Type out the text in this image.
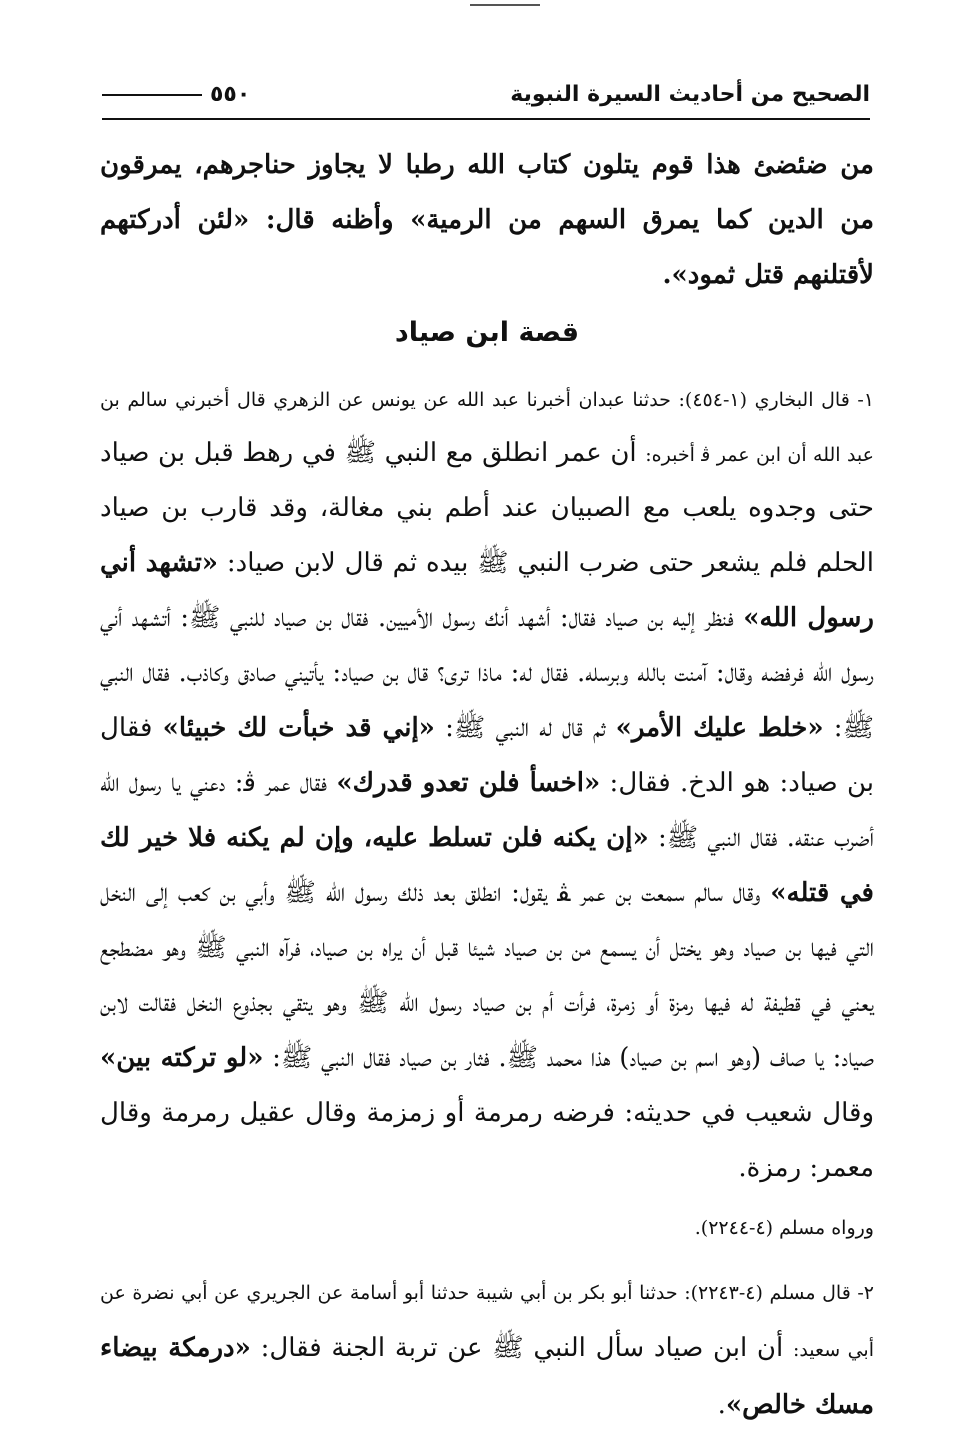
الصحيح من أحاديث السيرة النبوية
٥٥٠

من ضئضئ هذا قوم يتلون كتاب الله رطبا لا يجاوز حناجرهم، يمرقون من الدين كما يمرق السهم من الرمية» وأظنه قال: «لئن أدركتهم لأقتلنهم قتل ثمود».

قصة ابن صياد

١- قال البخاري (١-٤٥٤): حدثنا عبدان أخبرنا عبد الله عن يونس عن الزهري قال أخبرني سالم بن عبد الله أن ابن عمر ﭬ أخبره: أن عمر انطلق مع النبي ﷺ في رهط قبل بن صياد حتى وجدوه يلعب مع الصبيان عند أطم بني مغالة، وقد قارب بن صياد الحلم فلم يشعر حتى ضرب النبي ﷺ بيده ثم قال لابن صياد: «تشهد أني رسول الله» فنظر إليه بن صياد فقال: أشهد أنك رسول الأميين. فقال بن صياد للنبي ﷺ: أتشهد أني رسول الله فرفضه وقال: آمنت بالله وبرسله. فقال له: ماذا ترى؟ قال بن صياد: يأتيني صادق وكاذب. فقال النبي ﷺ: «خلط عليك الأمر» ثم قال له النبي ﷺ: «إني قد خبأت لك خبيئا» فقال بن صياد: هو الدخ. فقال: «اخسأ فلن تعدو قدرك» فقال عمر ﭬ: دعني يا رسول الله أضرب عنقه. فقال النبي ﷺ: «إن يكنه فلن تسلط عليه، وإن لم يكنه فلا خير لك في قتله» وقال سالم سمعت بن عمر ﭭ يقول: انطلق بعد ذلك رسول الله ﷺ وأبي بن كعب إلى النخل التي فيها بن صياد وهو يختل أن يسمع من بن صياد شيئا قبل أن يراه بن صياد، فرآه النبي ﷺ وهو مضطجع يعني في قطيفة له فيها رمزة أو زمرة، فرأت أم بن صياد رسول الله ﷺ وهو يتقي بجذوع النخل فقالت لابن صياد: يا صاف (وهو اسم بن صياد) هذا محمد ﷺ. فثار بن صياد فقال النبي ﷺ: «لو تركته بين» وقال شعيب في حديثه: فرضه رمرمة أو زمزمة وقال عقيل رمرمة وقال معمر: رمزة.

ورواه مسلم (٤-٢٢٤٤).

٢- قال مسلم (٤-٢٢٤٣): حدثنا أبو بكر بن أبي شيبة حدثنا أبو أسامة عن الجريري عن أبي نضرة عن أبي سعيد: أن ابن صياد سأل النبي ﷺ عن تربة الجنة فقال: «درمكة بيضاء مسك خالص».
